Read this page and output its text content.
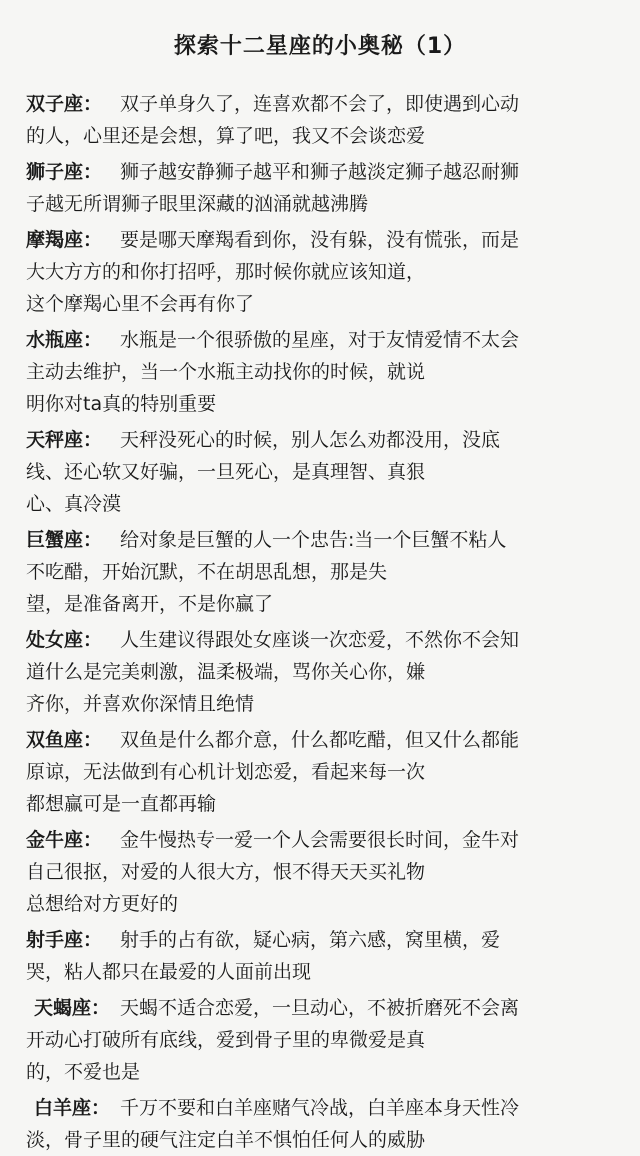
探索十二星座的小奥秘（1）
双子座： 双子单身久了，连喜欢都不会了，即使遇到心动
的人，心里还是会想，算了吧，我又不会谈恋爱
狮子座： 狮子越安静狮子越平和狮子越淡定狮子越忍耐狮
子越无所谓狮子眼里深藏的汹涌就越沸腾
摩羯座： 要是哪天摩羯看到你，没有躲，没有慌张，而是
大大方方的和你打招呼，那时候你就应该知道，
这个摩羯心里不会再有你了
水瓶座： 水瓶是一个很骄傲的星座，对于友情爱情不太会
主动去维护，当一个水瓶主动找你的时候，就说
明你对ta真的特别重要
天秤座： 天秤没死心的时候，别人怎么劝都没用，没底
线、还心软又好骗，一旦死心，是真理智、真狠
心、真冷漠
巨蟹座： 给对象是巨蟹的人一个忠告:当一个巨蟹不粘人
不吃醋，开始沉默，不在胡思乱想，那是失
望，是准备离开，不是你赢了
处女座： 人生建议得跟处女座谈一次恋爱，不然你不会知
道什么是完美刺激，温柔极端，骂你关心你，嫌
齐你，并喜欢你深情且绝情
双鱼座： 双鱼是什么都介意，什么都吃醋，但又什么都能
原谅，无法做到有心机计划恋爱，看起来每一次
都想赢可是一直都再输
金牛座： 金牛慢热专一爱一个人会需要很长时间，金牛对
自己很抠，对爱的人很大方，恨不得天天买礼物
总想给对方更好的
射手座： 射手的占有欲，疑心病，第六感，窝里横，爱
哭，粘人都只在最爱的人面前出现
天蝎座： 天蝎不适合恋爱，一旦动心，不被折磨死不会离
开动心打破所有底线，爱到骨子里的卑微爱是真
的，不爱也是
白羊座： 千万不要和白羊座赌气冷战，白羊座本身天性冷
淡，骨子里的硬气注定白羊不惧怕任何人的威胁
